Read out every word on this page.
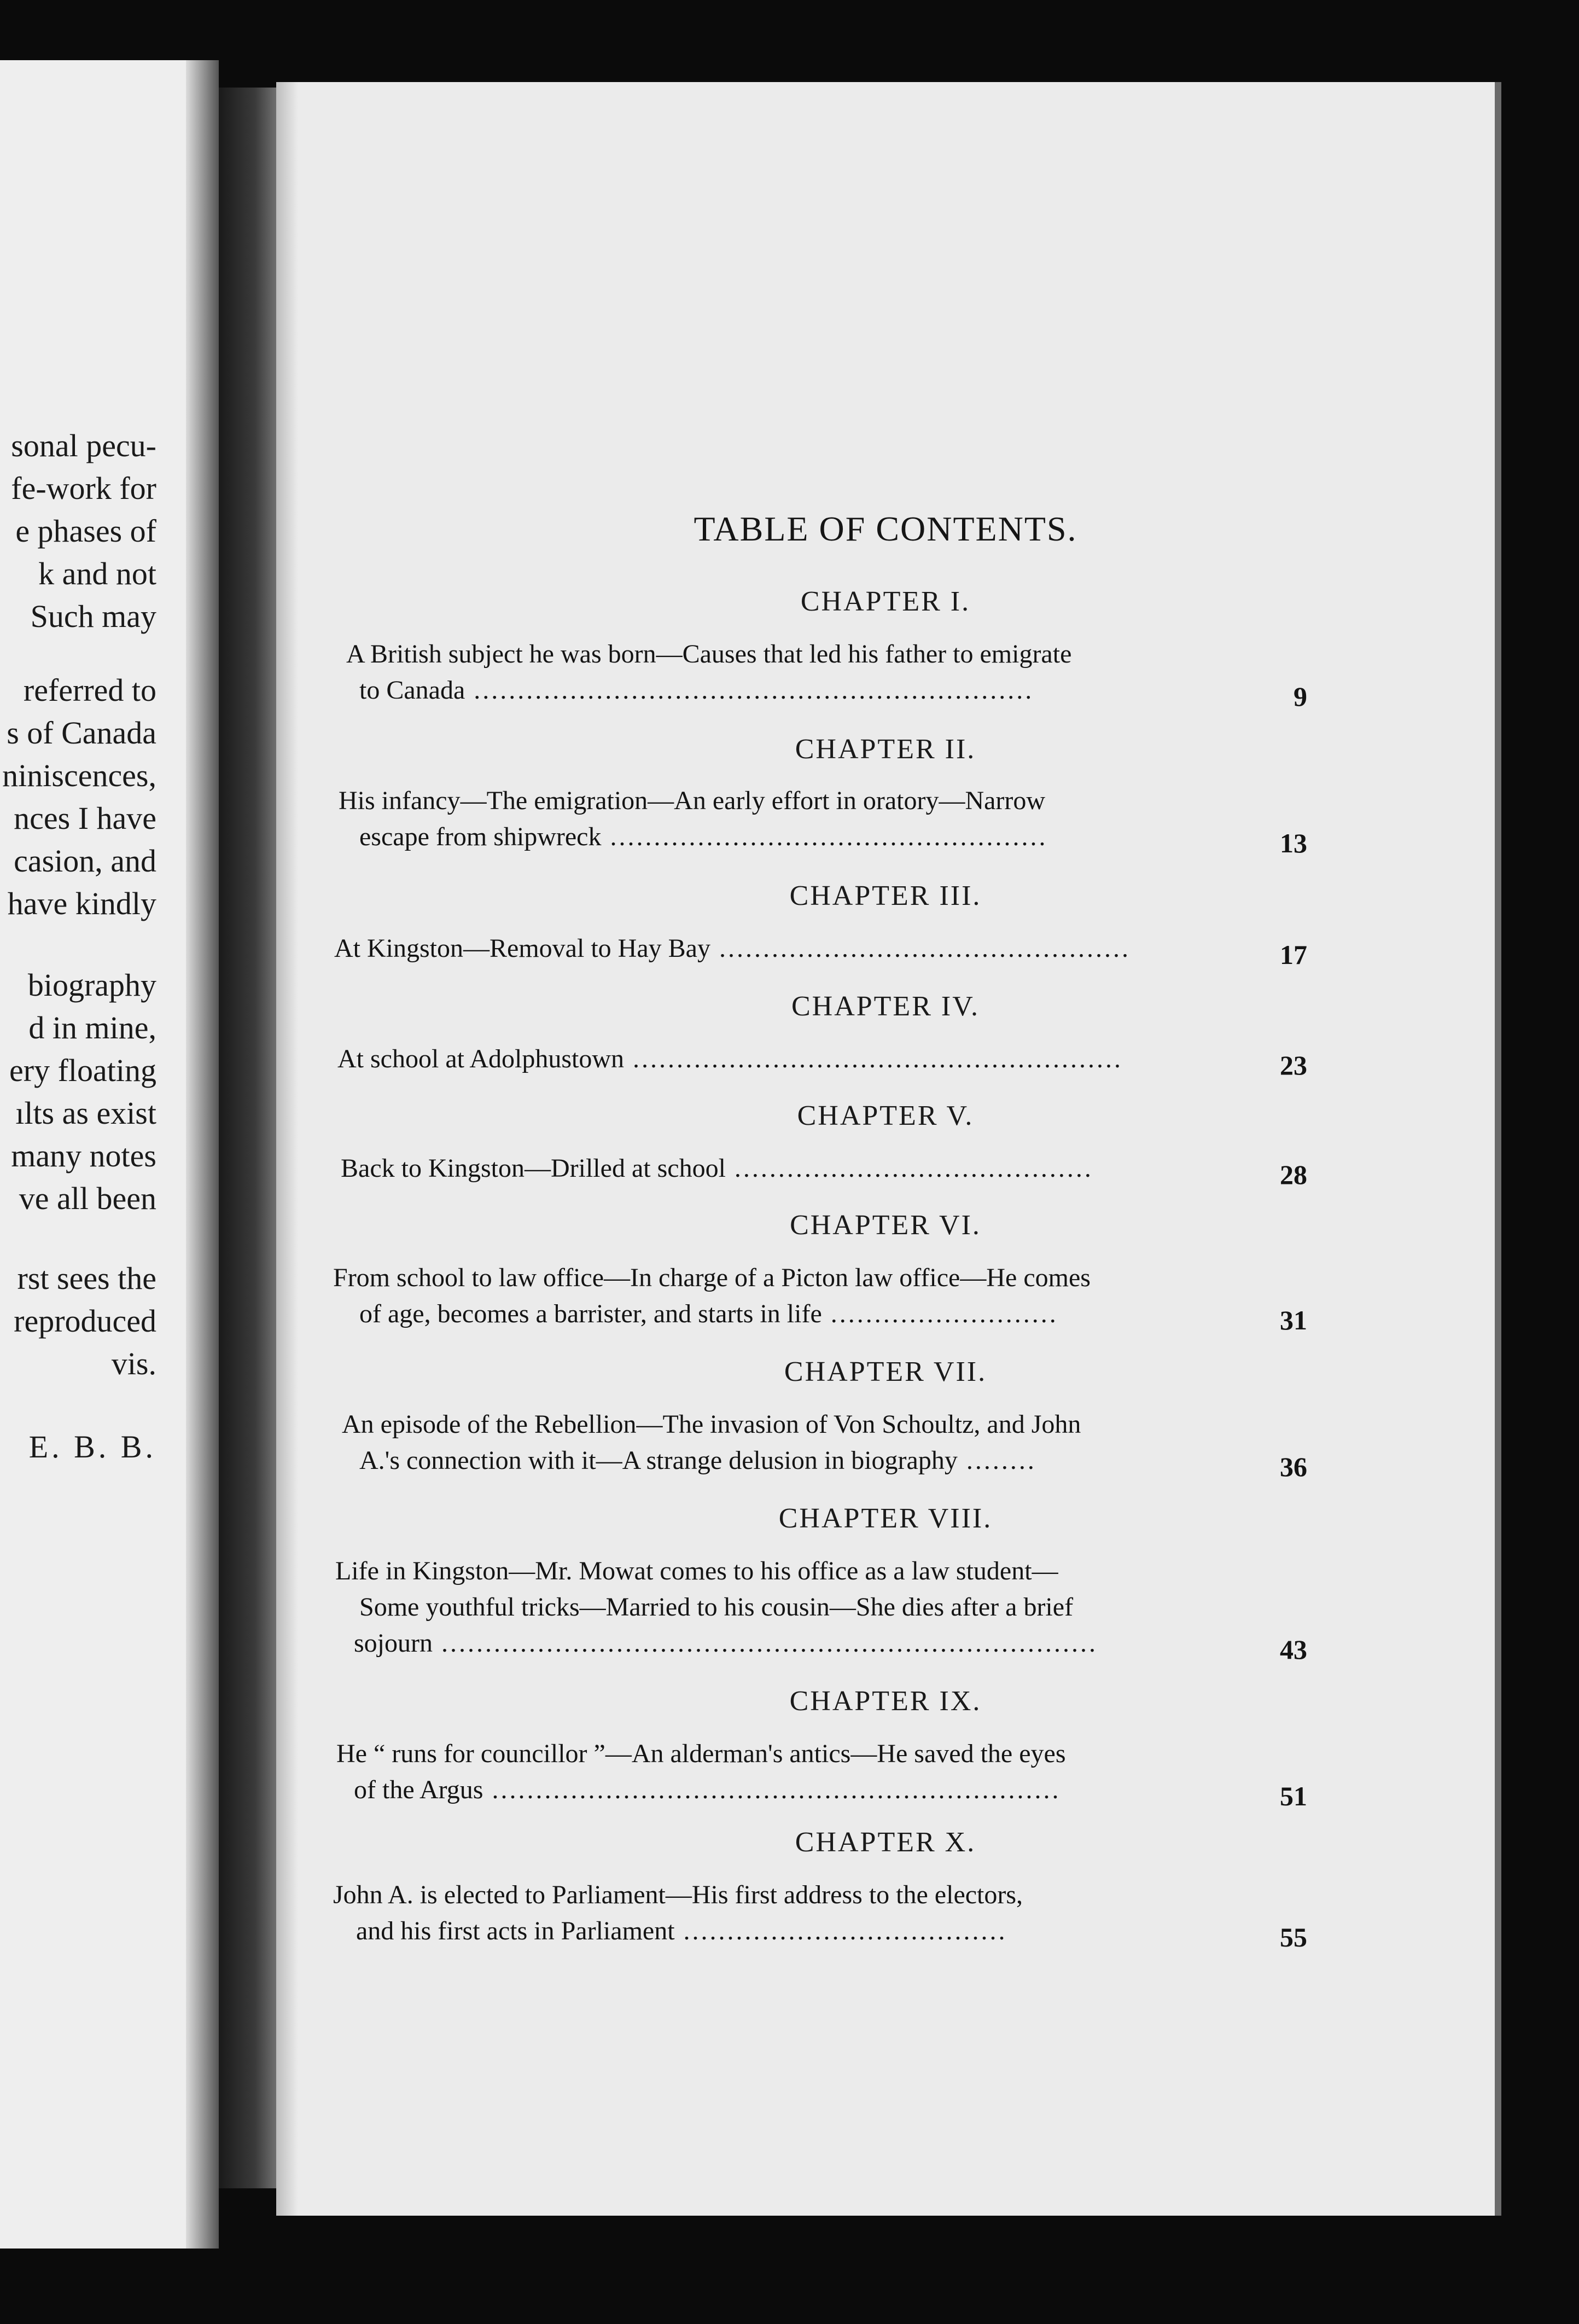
sonal pecu-
fe-work for
e phases of
k and not
Such may
referred to
s of Canada
niniscences,
nces I have
casion, and
have kindly
biography
d in mine,
ery floating
ılts as exist
many notes
ve all been
rst sees the
reproduced
vis.
E. B. B.
TABLE OF CONTENTS.
CHAPTER I.
A British subject he was born—Causes that led his father to emigrate
to Canada ................................................................	9
CHAPTER II.
His infancy—The emigration—An early effort in oratory—Narrow
escape from shipwreck ..................................................	13
CHAPTER III.
At Kingston—Removal to Hay Bay ...............................................	17
CHAPTER IV.
At school at Adolphustown ........................................................	23
CHAPTER V.
Back to Kingston—Drilled at school .........................................	28
CHAPTER VI.
From school to law office—In charge of a Picton law office—He comes
of age, becomes a barrister, and starts in life ..........................	31
CHAPTER VII.
An episode of the Rebellion—The invasion of Von Schoultz, and John
A.'s connection with it—A strange delusion in biography ........	36
CHAPTER VIII.
Life in Kingston—Mr. Mowat comes to his office as a law student—
Some youthful tricks—Married to his cousin—She dies after a brief
sojourn ...........................................................................	43
CHAPTER IX.
He “ runs for councillor ”—An alderman's antics—He saved the eyes
of the Argus .................................................................	51
CHAPTER X.
John A. is elected to Parliament—His first address to the electors,
and his first acts in Parliament .....................................	55
